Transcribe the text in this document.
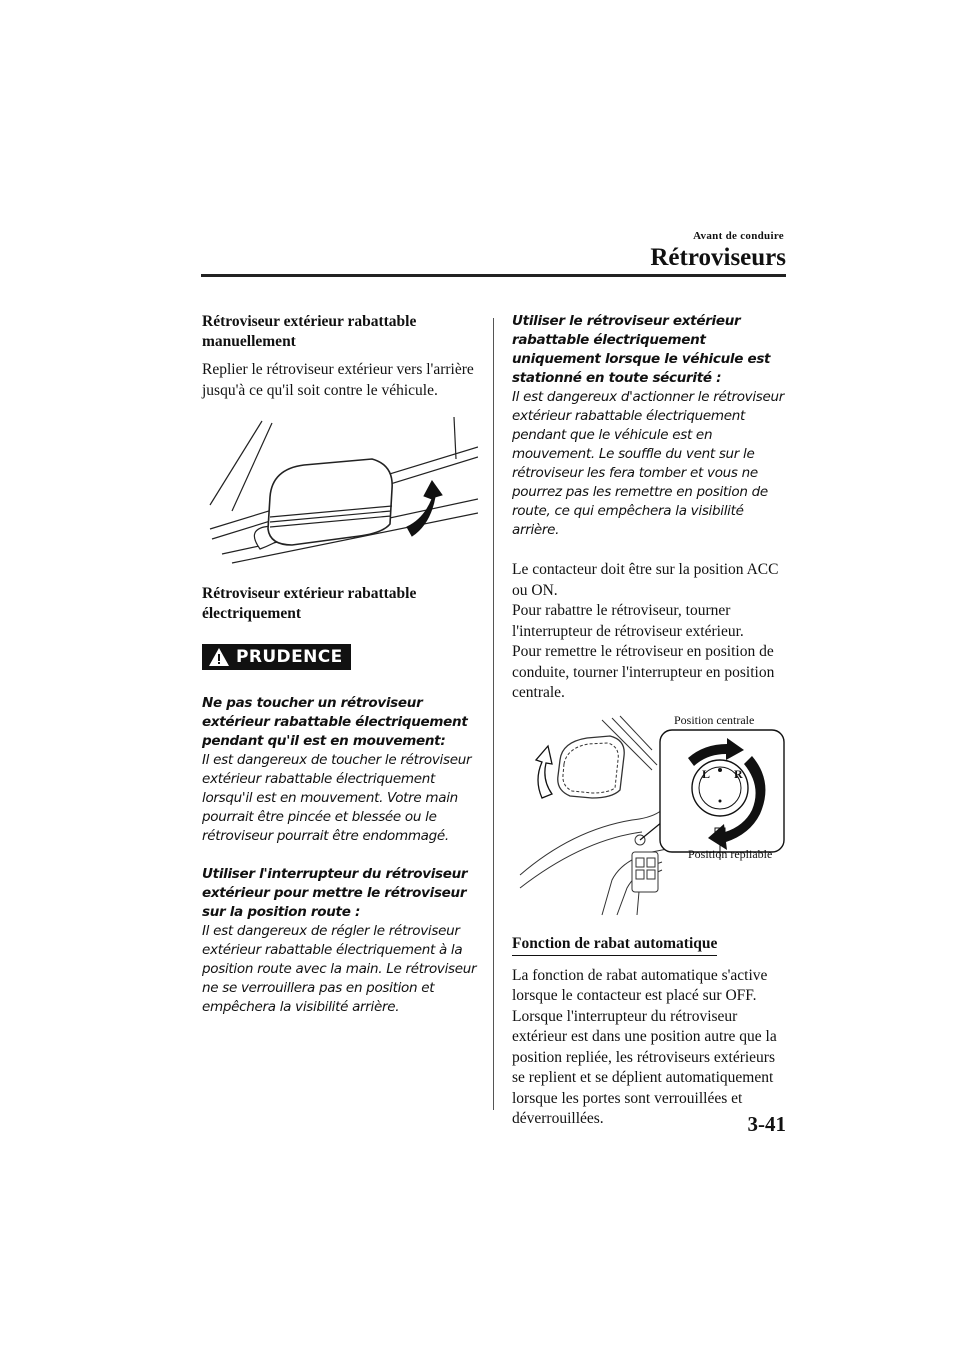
Avant de conduire
Rétroviseurs
Rétroviseur extérieur rabattable manuellement

Replier le rétroviseur extérieur vers l'arrière jusqu'à ce qu'il soit contre le véhicule.

Rétroviseur extérieur rabattable électriquement
PRUDENCE

Ne pas toucher un rétroviseur extérieur rabattable électriquement pendant qu'il est en mouvement:

Il est dangereux de toucher le rétroviseur extérieur rabattable électriquement lorsqu'il est en mouvement. Votre main pourrait être pincée et blessée ou le rétroviseur pourrait être endommagé.

Utiliser l'interrupteur du rétroviseur extérieur pour mettre le rétroviseur sur la position route :

Il est dangereux de régler le rétroviseur extérieur rabattable électriquement à la position route avec la main. Le rétroviseur ne se verrouillera pas en position et empêchera la visibilité arrière.

Utiliser le rétroviseur extérieur rabattable électriquement uniquement lorsque le véhicule est stationné en toute sécurité :

Il est dangereux d'actionner le rétroviseur extérieur rabattable électriquement pendant que le véhicule est en mouvement. Le souffle du vent sur le rétroviseur les fera tomber et vous ne pourrez pas les remettre en position de route, ce qui empêchera la visibilité arrière.

Le contacteur doit être sur la position ACC ou ON.

Pour rabattre le rétroviseur, tourner l'interrupteur de rétroviseur extérieur.

Pour remettre le rétroviseur en position de conduite, tourner l'interrupteur en position centrale.

L R
Position centrale
Position repliable
Fonction de rabat automatique

La fonction de rabat automatique s'active lorsque le contacteur est placé sur OFF. Lorsque l'interrupteur du rétroviseur extérieur est dans une position autre que la position repliée, les rétroviseurs extérieurs se replient et se déplient automatiquement lorsque les portes sont verrouillées et déverrouillées.	3-41
